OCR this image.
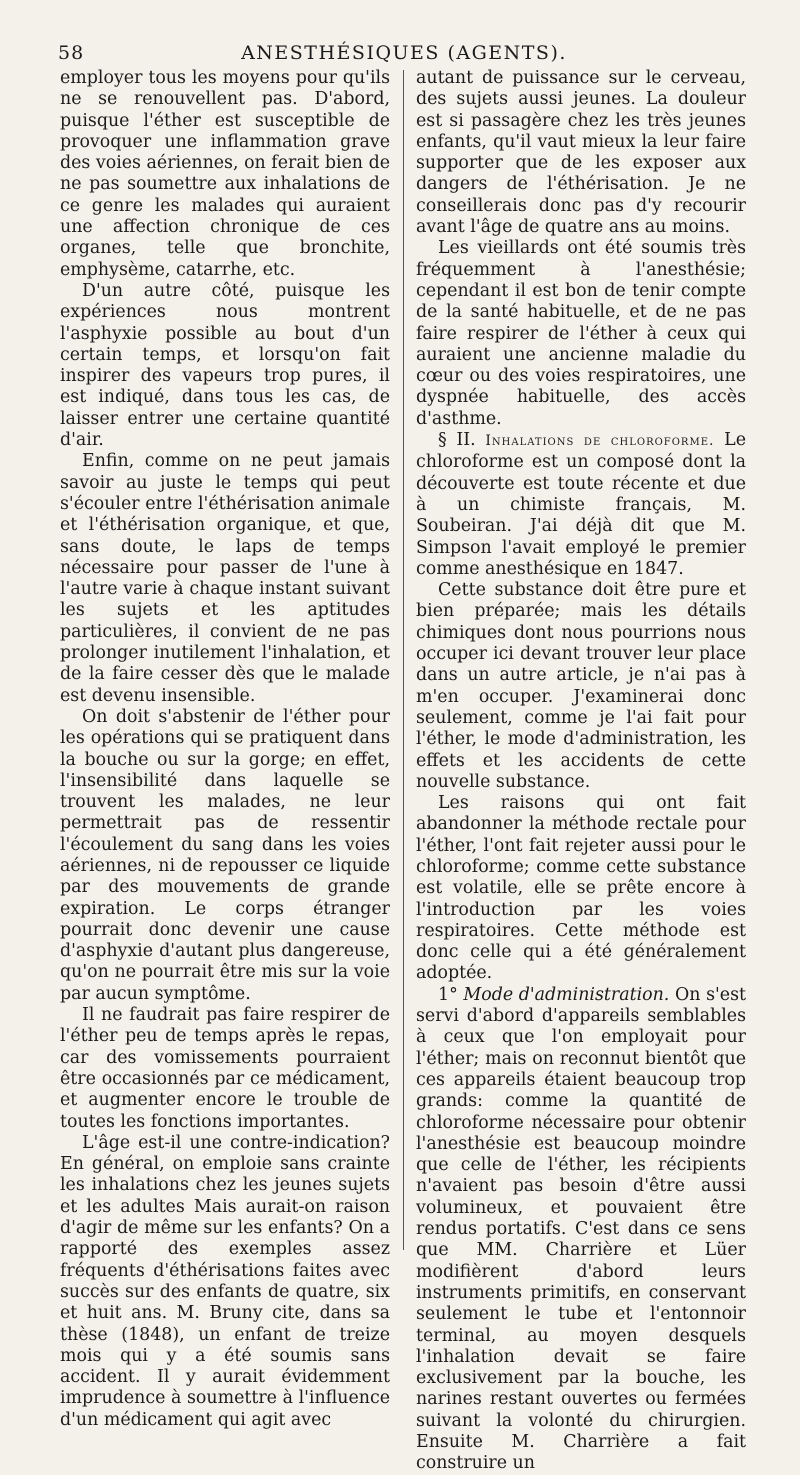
58	ANESTHÉSIQUES (AGENTS).

employer tous les moyens pour qu'ils ne se renouvellent pas. D'abord, puisque l'éther est susceptible de provoquer une inflammation grave des voies aériennes, on ferait bien de ne pas soumettre aux inhalations de ce genre les malades qui auraient une affection chronique de ces organes, telle que bronchite, emphysème, catarrhe, etc.

D'un autre côté, puisque les expériences nous montrent l'asphyxie possible au bout d'un certain temps, et lorsqu'on fait inspirer des vapeurs trop pures, il est indiqué, dans tous les cas, de laisser entrer une certaine quantité d'air.

Enfin, comme on ne peut jamais savoir au juste le temps qui peut s'écouler entre l'éthérisation animale et l'éthérisation organique, et que, sans doute, le laps de temps nécessaire pour passer de l'une à l'autre varie à chaque instant suivant les sujets et les aptitudes particulières, il convient de ne pas prolonger inutilement l'inhalation, et de la faire cesser dès que le malade est devenu insensible.

On doit s'abstenir de l'éther pour les opérations qui se pratiquent dans la bouche ou sur la gorge; en effet, l'insensibilité dans laquelle se trouvent les malades, ne leur permettrait pas de ressentir l'écoulement du sang dans les voies aériennes, ni de repousser ce liquide par des mouvements de grande expiration. Le corps étranger pourrait donc devenir une cause d'asphyxie d'autant plus dangereuse, qu'on ne pourrait être mis sur la voie par aucun symptôme.

Il ne faudrait pas faire respirer de l'éther peu de temps après le repas, car des vomissements pourraient être occasionnés par ce médicament, et augmenter encore le trouble de toutes les fonctions importantes.

L'âge est-il une contre-indication? En général, on emploie sans crainte les inhalations chez les jeunes sujets et les adultes Mais aurait-on raison d'agir de même sur les enfants? On a rapporté des exemples assez fréquents d'éthérisations faites avec succès sur des enfants de quatre, six et huit ans. M. Bruny cite, dans sa thèse (1848), un enfant de treize mois qui y a été soumis sans accident. Il y aurait évidemment imprudence à soumettre à l'influence d'un médicament qui agit avec

autant de puissance sur le cerveau, des sujets aussi jeunes. La douleur est si passagère chez les très jeunes enfants, qu'il vaut mieux la leur faire supporter que de les exposer aux dangers de l'éthérisation. Je ne conseillerais donc pas d'y recourir avant l'âge de quatre ans au moins.

Les vieillards ont été soumis très fréquemment à l'anesthésie; cependant il est bon de tenir compte de la santé habituelle, et de ne pas faire respirer de l'éther à ceux qui auraient une ancienne maladie du cœur ou des voies respiratoires, une dyspnée habituelle, des accès d'asthme.

§ II. Inhalations de chloroforme. Le chloroforme est un composé dont la découverte est toute récente et due à un chimiste français, M. Soubeiran. J'ai déjà dit que M. Simpson l'avait employé le premier comme anesthésique en 1847.

Cette substance doit être pure et bien préparée; mais les détails chimiques dont nous pourrions nous occuper ici devant trouver leur place dans un autre article, je n'ai pas à m'en occuper. J'examinerai donc seulement, comme je l'ai fait pour l'éther, le mode d'administration, les effets et les accidents de cette nouvelle substance.

Les raisons qui ont fait abandonner la méthode rectale pour l'éther, l'ont fait rejeter aussi pour le chloroforme; comme cette substance est volatile, elle se prête encore à l'introduction par les voies respiratoires. Cette méthode est donc celle qui a été généralement adoptée.

1° Mode d'administration. On s'est servi d'abord d'appareils semblables à ceux que l'on employait pour l'éther; mais on reconnut bientôt que ces appareils étaient beaucoup trop grands: comme la quantité de chloroforme nécessaire pour obtenir l'anesthésie est beaucoup moindre que celle de l'éther, les récipients n'avaient pas besoin d'être aussi volumineux, et pouvaient être rendus portatifs. C'est dans ce sens que MM. Charrière et Lüer modifièrent d'abord leurs instruments primitifs, en conservant seulement le tube et l'entonnoir terminal, au moyen desquels l'inhalation devait se faire exclusivement par la bouche, les narines restant ouvertes ou fermées suivant la volonté du chirurgien. Ensuite M. Charrière a fait construire un
